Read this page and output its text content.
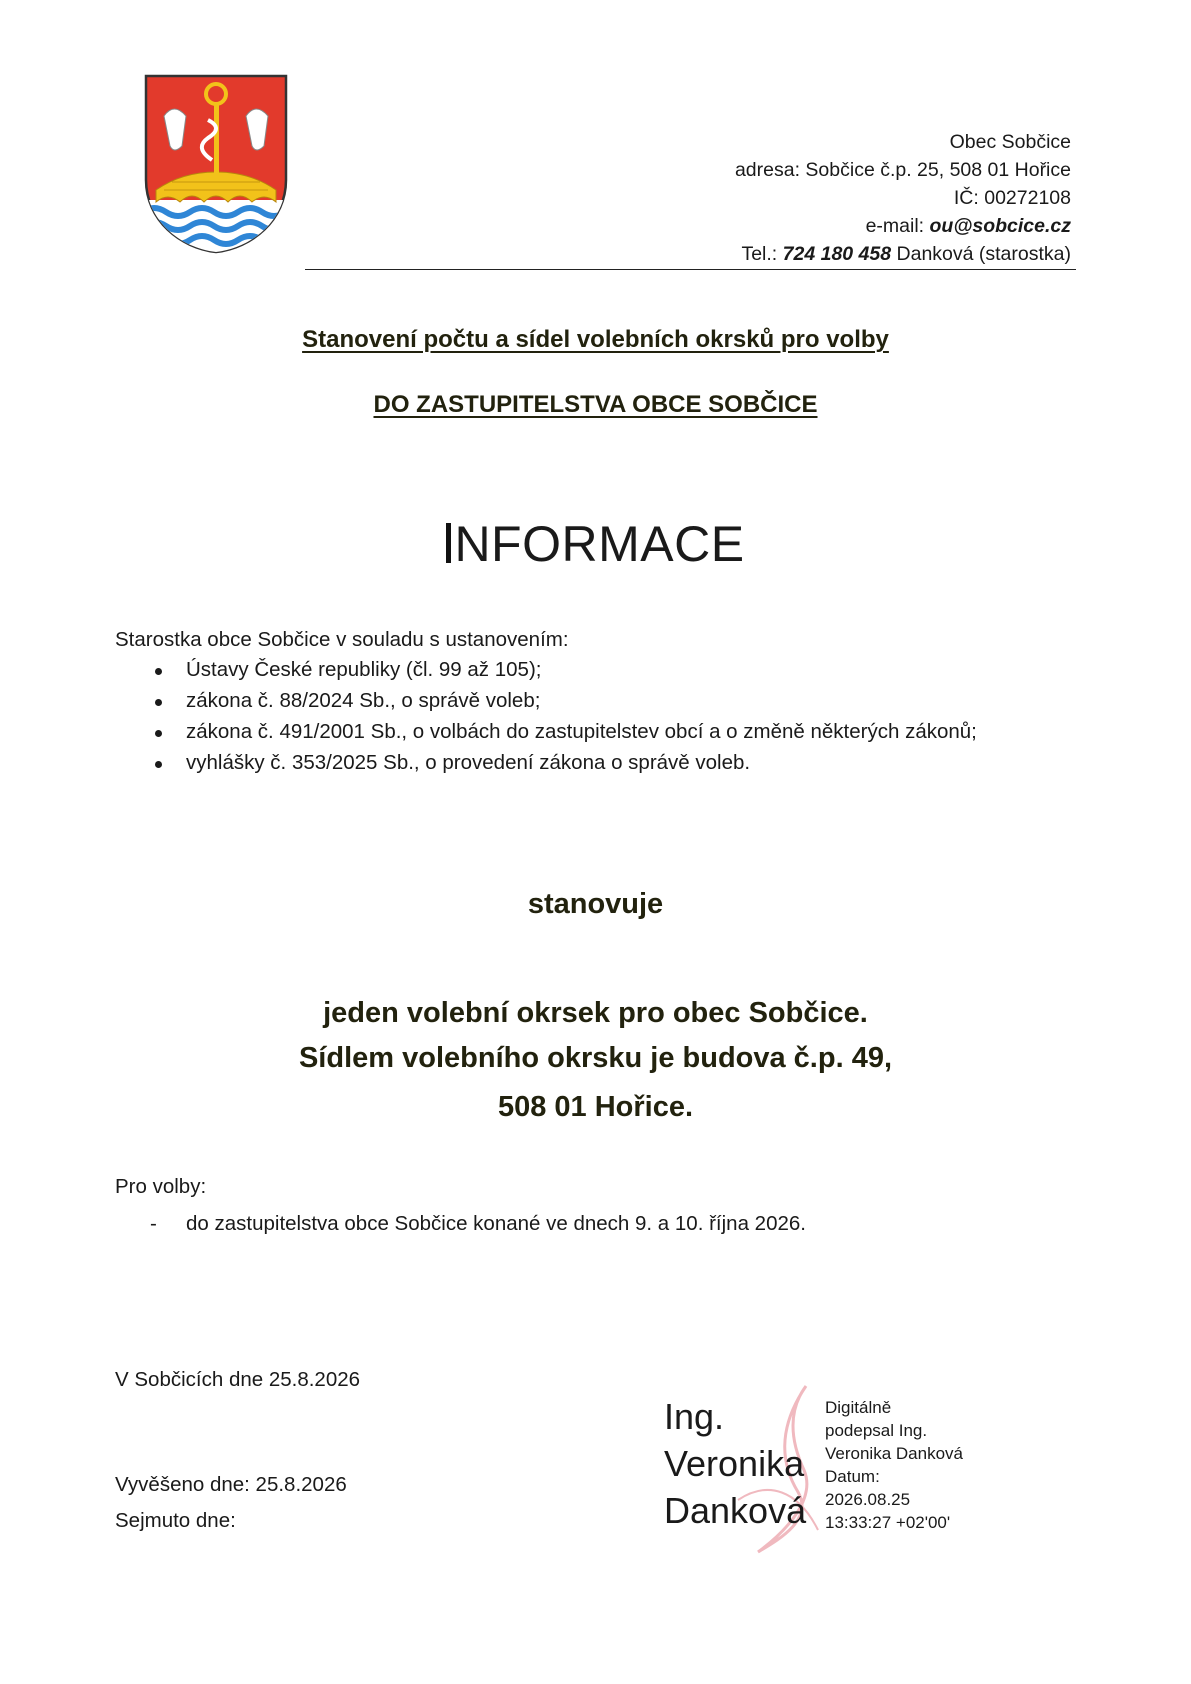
Obec Sobčice
adresa: Sobčice č.p. 25, 508 01 Hořice
IČ: 00272108
e-mail: ou@sobcice.cz
Tel.: 724 180 458 Danková (starostka)
Stanovení počtu a sídel volebních okrsků pro volby
DO ZASTUPITELSTVA OBCE SOBČICE
NFORMACE
Starostka obce Sobčice v souladu s ustanovením:
Ústavy České republiky (čl. 99 až 105);
zákona č. 88/2024 Sb., o správě voleb;
zákona č. 491/2001 Sb., o volbách do zastupitelstev obcí a o změně některých zákonů;
vyhlášky č. 353/2025 Sb., o provedení zákona o správě voleb.
stanovuje
jeden volební okrsek pro obec Sobčice.
Sídlem volebního okrsku je budova č.p. 49,
508 01 Hořice.
Pro volby:
- do zastupitelstva obce Sobčice konané ve dnech 9. a 10. října 2026.
V Sobčicích dne 25.8.2026
Vyvěšeno dne: 25.8.2026
Sejmuto dne:
Ing.
Veronika
Danková
Digitálně
podepsal Ing.
Veronika Danková
Datum:
2026.08.25
13:33:27 +02'00'
